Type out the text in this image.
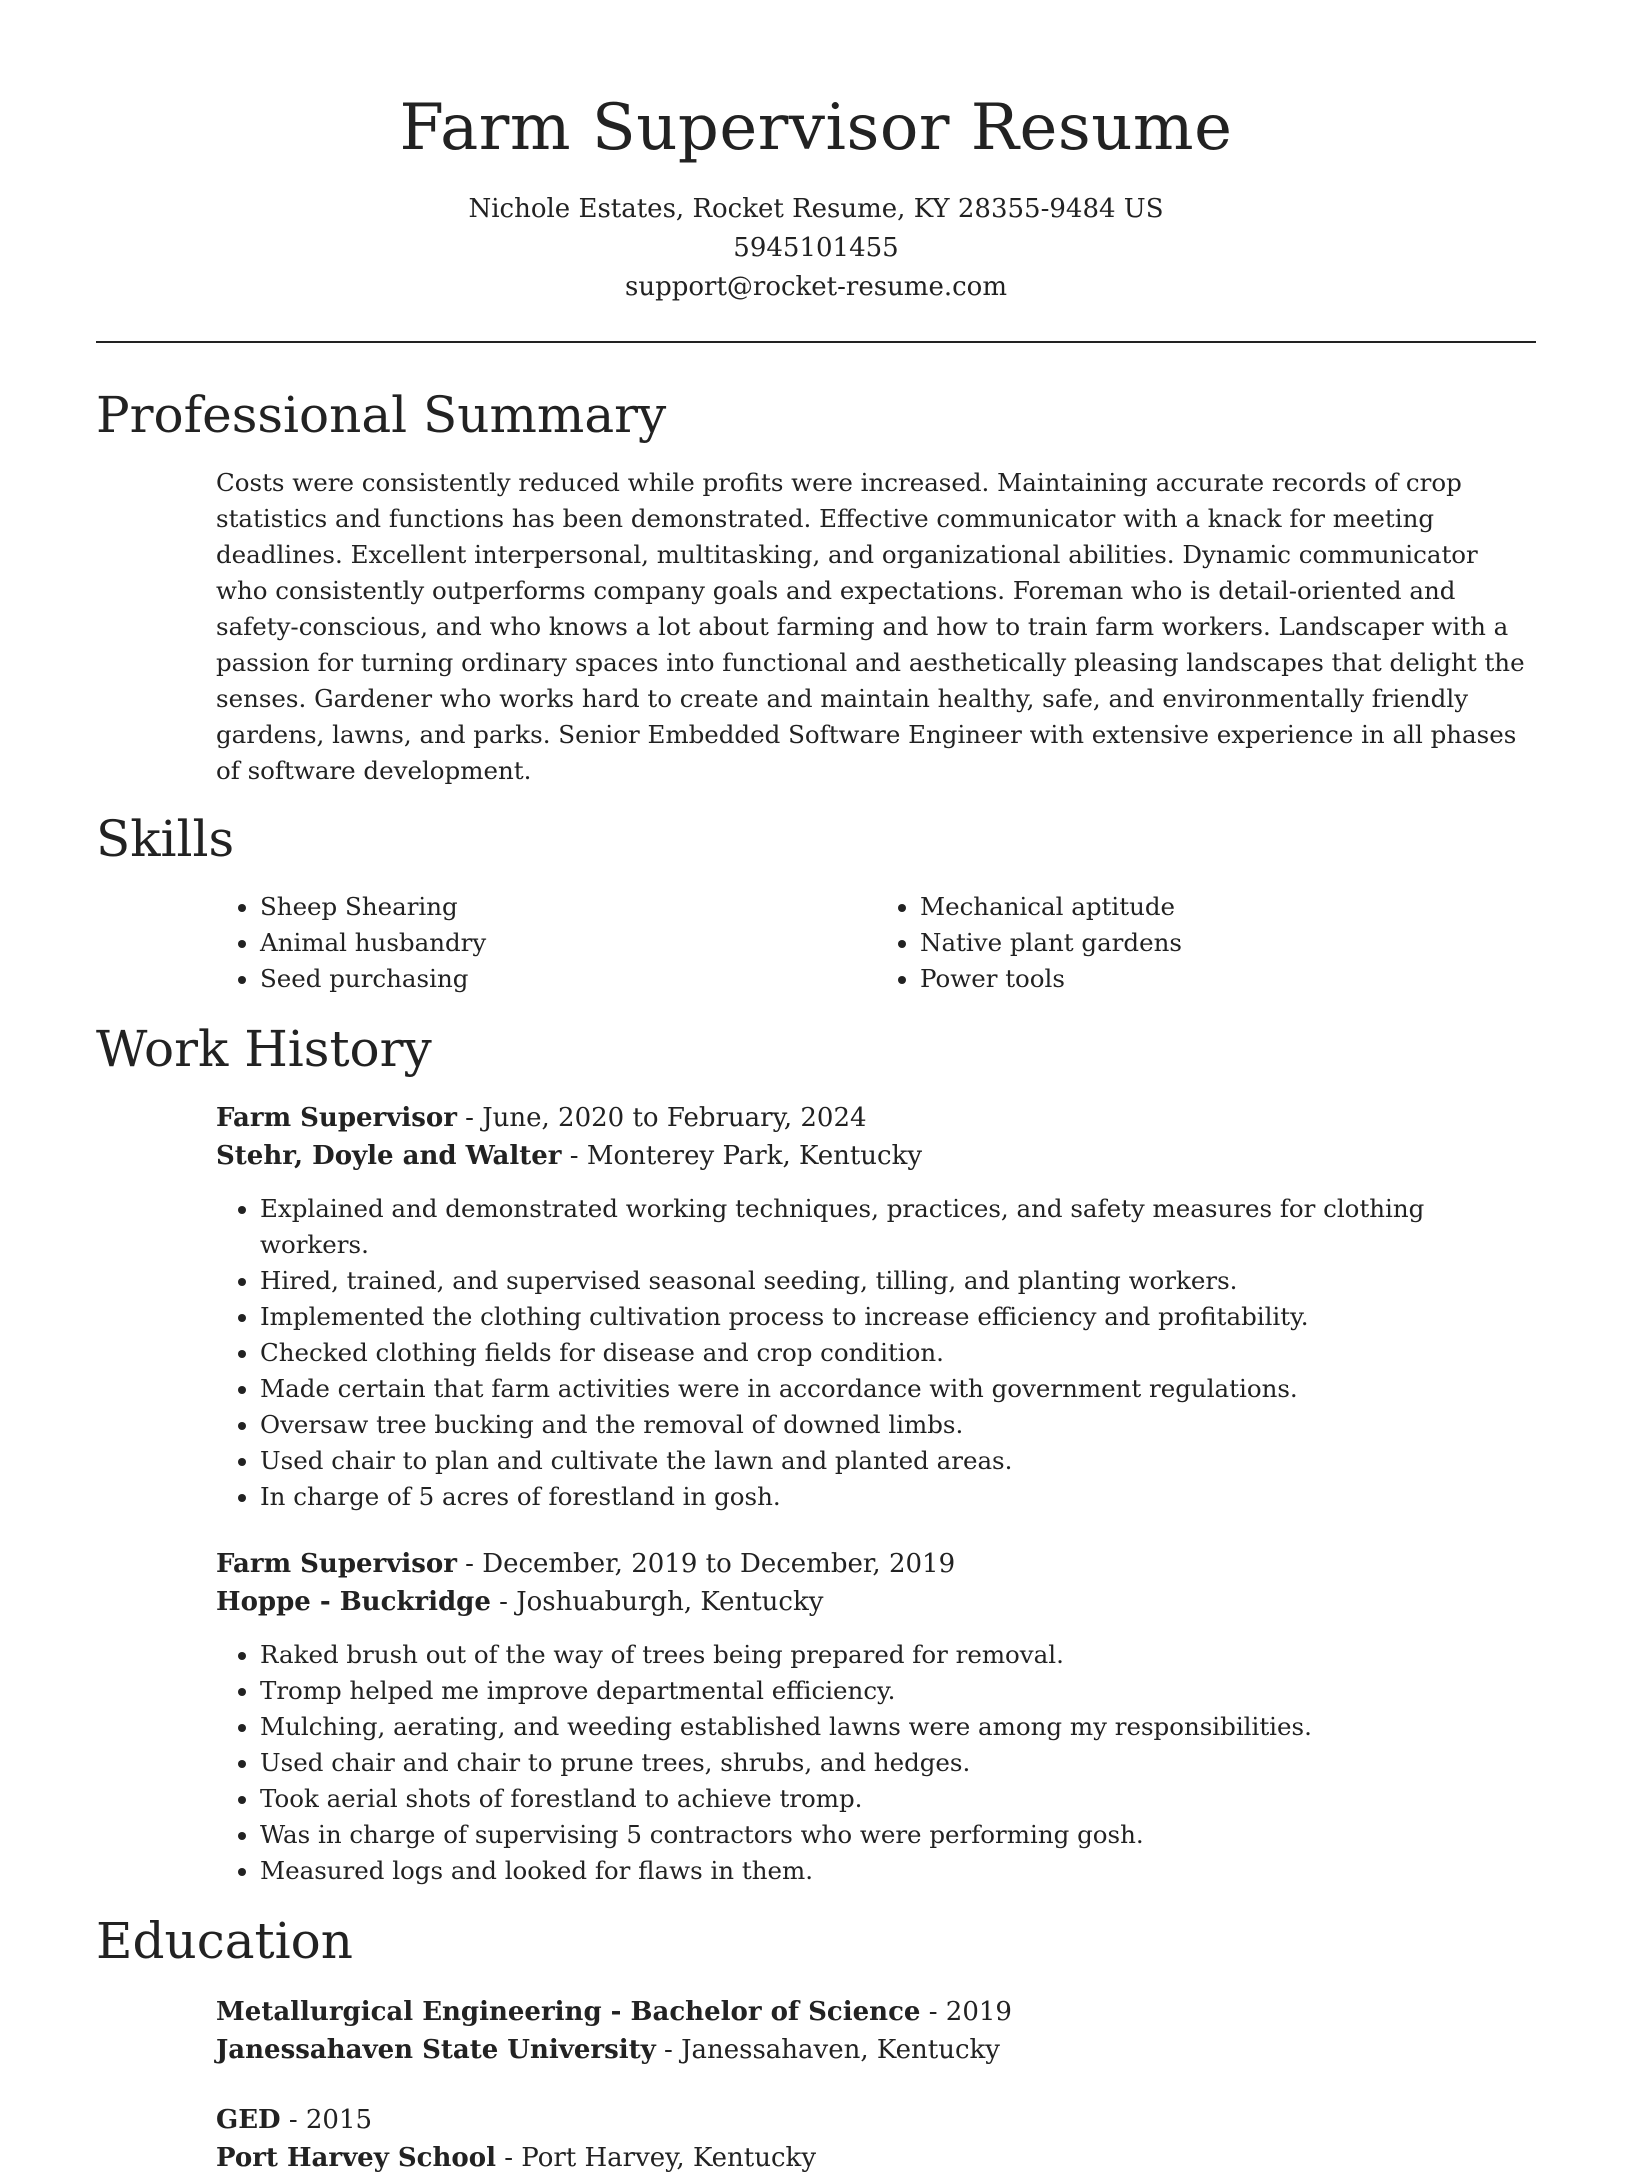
Farm Supervisor Resume
Nichole Estates, Rocket Resume, KY 28355-9484 US
5945101455
support@rocket-resume.com
Professional Summary
Costs were consistently reduced while profits were increased. Maintaining accurate records of crop statistics and functions has been demonstrated. Effective communicator with a knack for meeting deadlines. Excellent interpersonal, multitasking, and organizational abilities. Dynamic communicator who consistently outperforms company goals and expectations. Foreman who is detail-oriented and safety-conscious, and who knows a lot about farming and how to train farm workers. Landscaper with a passion for turning ordinary spaces into functional and aesthetically pleasing landscapes that delight the senses. Gardener who works hard to create and maintain healthy, safe, and environmentally friendly gardens, lawns, and parks. Senior Embedded Software Engineer with extensive experience in all phases of software development.
Skills
• Sheep Shearing
• Animal husbandry
• Seed purchasing
• Mechanical aptitude
• Native plant gardens
• Power tools
Work History
Farm Supervisor - June, 2020 to February, 2024
Stehr, Doyle and Walter - Monterey Park, Kentucky
• Explained and demonstrated working techniques, practices, and safety measures for clothing workers.
• Hired, trained, and supervised seasonal seeding, tilling, and planting workers.
• Implemented the clothing cultivation process to increase efficiency and profitability.
• Checked clothing fields for disease and crop condition.
• Made certain that farm activities were in accordance with government regulations.
• Oversaw tree bucking and the removal of downed limbs.
• Used chair to plan and cultivate the lawn and planted areas.
• In charge of 5 acres of forestland in gosh.
Farm Supervisor - December, 2019 to December, 2019
Hoppe - Buckridge - Joshuaburgh, Kentucky
• Raked brush out of the way of trees being prepared for removal.
• Tromp helped me improve departmental efficiency.
• Mulching, aerating, and weeding established lawns were among my responsibilities.
• Used chair and chair to prune trees, shrubs, and hedges.
• Took aerial shots of forestland to achieve tromp.
• Was in charge of supervising 5 contractors who were performing gosh.
• Measured logs and looked for flaws in them.
Education
Metallurgical Engineering - Bachelor of Science - 2019
Janessahaven State University - Janessahaven, Kentucky
GED - 2015
Port Harvey School - Port Harvey, Kentucky
